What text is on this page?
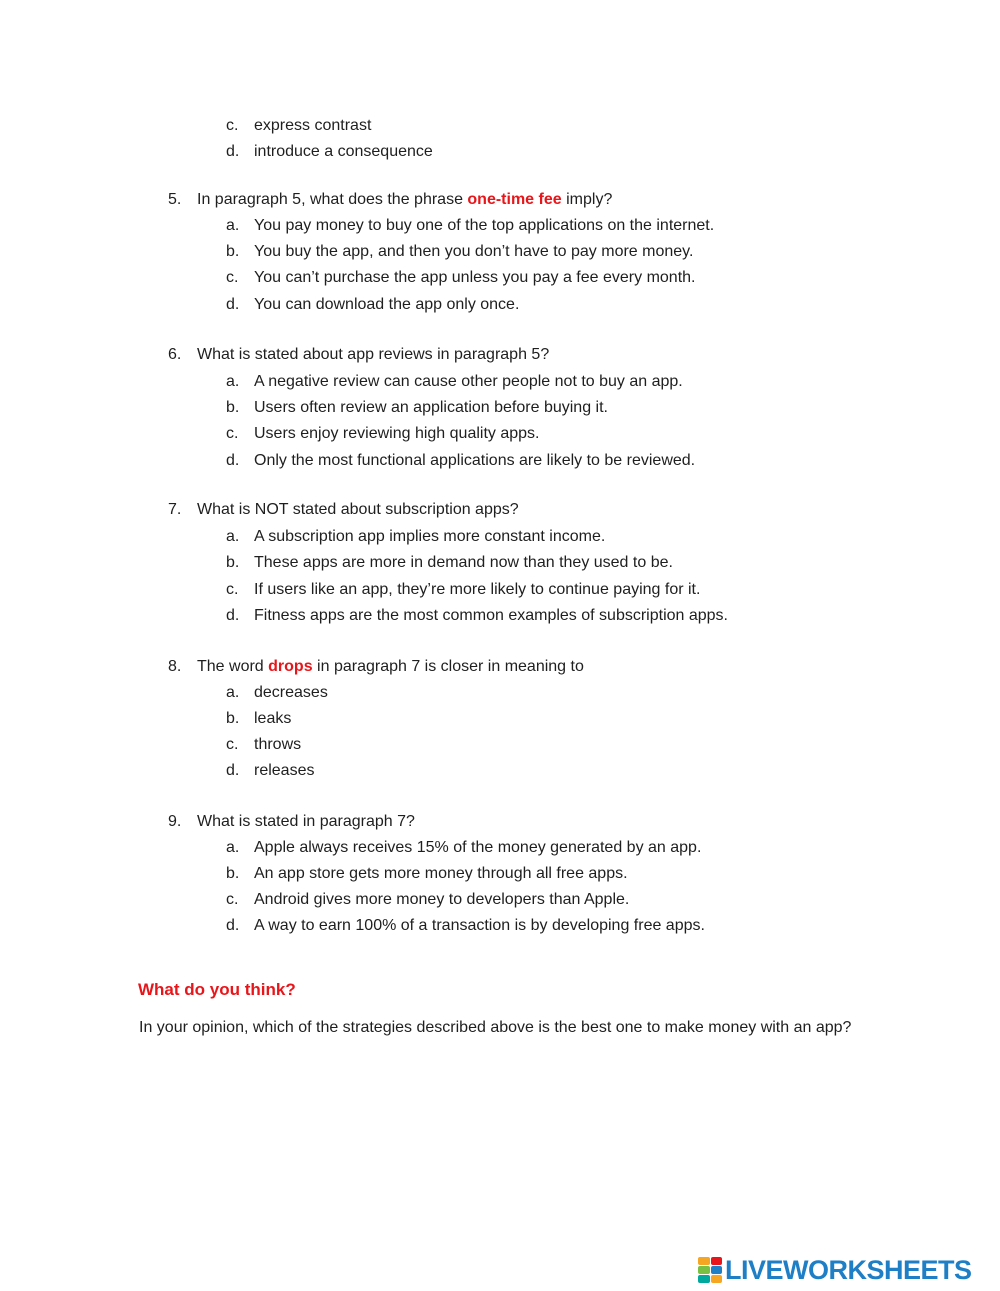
c. express contrast
d. introduce a consequence
5. In paragraph 5, what does the phrase one-time fee imply?
a. You pay money to buy one of the top applications on the internet.
b. You buy the app, and then you don’t have to pay more money.
c. You can’t purchase the app unless you pay a fee every month.
d. You can download the app only once.
6. What is stated about app reviews in paragraph 5?
a. A negative review can cause other people not to buy an app.
b. Users often review an application before buying it.
c. Users enjoy reviewing high quality apps.
d. Only the most functional applications are likely to be reviewed.
7. What is NOT stated about subscription apps?
a. A subscription app implies more constant income.
b. These apps are more in demand now than they used to be.
c. If users like an app, they’re more likely to continue paying for it.
d. Fitness apps are the most common examples of subscription apps.
8. The word drops in paragraph 7 is closer in meaning to
a. decreases
b. leaks
c. throws
d. releases
9. What is stated in paragraph 7?
a. Apple always receives 15% of the money generated by an app.
b. An app store gets more money through all free apps.
c. Android gives more money to developers than Apple.
d. A way to earn 100% of a transaction is by developing free apps.
What do you think?
In your opinion, which of the strategies described above is the best one to make money with an app?
LIVEWORKSHEETS
